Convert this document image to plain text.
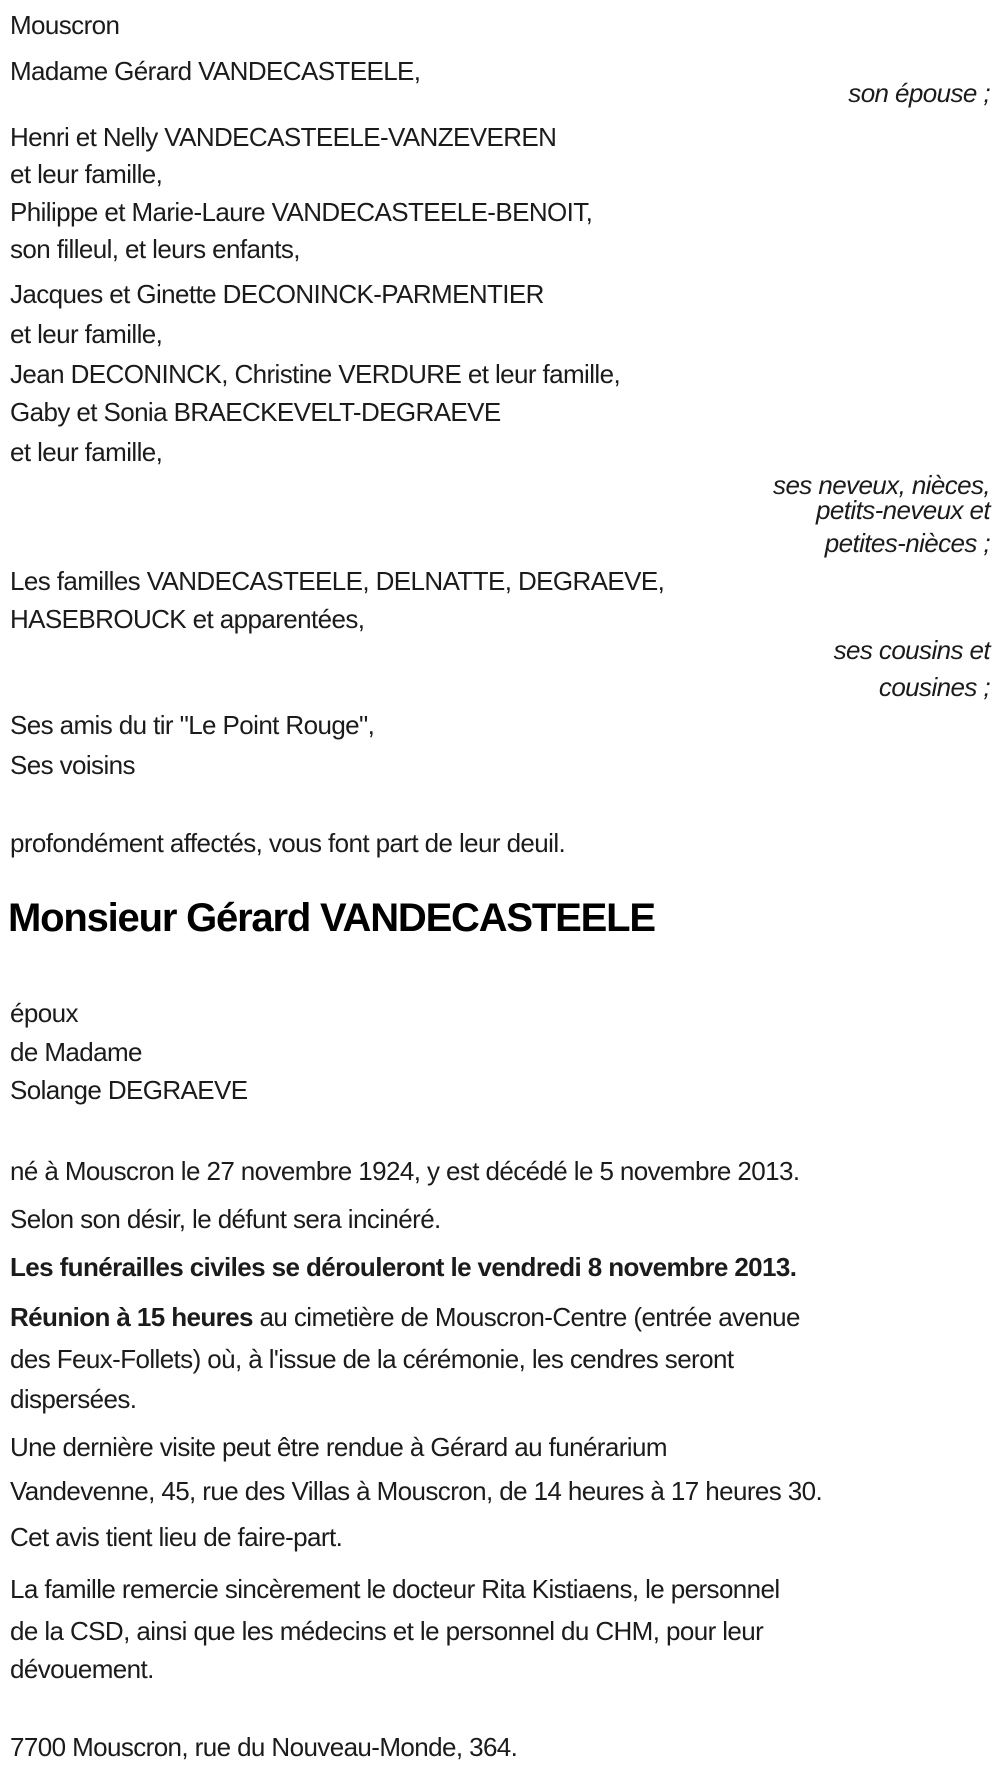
Mouscron
Madame Gérard VANDECASTEELE,
son épouse ;
Henri et Nelly VANDECASTEELE-VANZEVEREN
et leur famille,
Philippe et Marie-Laure VANDECASTEELE-BENOIT,
son filleul, et leurs enfants,
Jacques et Ginette DECONINCK-PARMENTIER
et leur famille,
Jean DECONINCK, Christine VERDURE et leur famille,
Gaby et Sonia BRAECKEVELT-DEGRAEVE
et leur famille,
ses neveux, nièces,
petits-neveux et
petites-nièces ;
Les familles VANDECASTEELE, DELNATTE, DEGRAEVE,
HASEBROUCK et apparentées,
ses cousins et
cousines ;
Ses amis du tir "Le Point Rouge",
Ses voisins
profondément affectés, vous font part de leur deuil.
Monsieur Gérard VANDECASTEELE
époux
de Madame
Solange DEGRAEVE
né à Mouscron le 27 novembre 1924, y est décédé le 5 novembre 2013.
Selon son désir, le défunt sera incinéré.
Les funérailles civiles se dérouleront le vendredi 8 novembre 2013.
Réunion à 15 heures au cimetière de Mouscron-Centre (entrée avenue
des Feux-Follets) où, à l'issue de la cérémonie, les cendres seront
dispersées.
Une dernière visite peut être rendue à Gérard au funérarium
Vandevenne, 45, rue des Villas à Mouscron, de 14 heures à 17 heures 30.
Cet avis tient lieu de faire-part.
La famille remercie sincèrement le docteur Rita Kistiaens, le personnel
de la CSD, ainsi que les médecins et le personnel du CHM, pour leur
dévouement.
7700 Mouscron, rue du Nouveau-Monde, 364.
